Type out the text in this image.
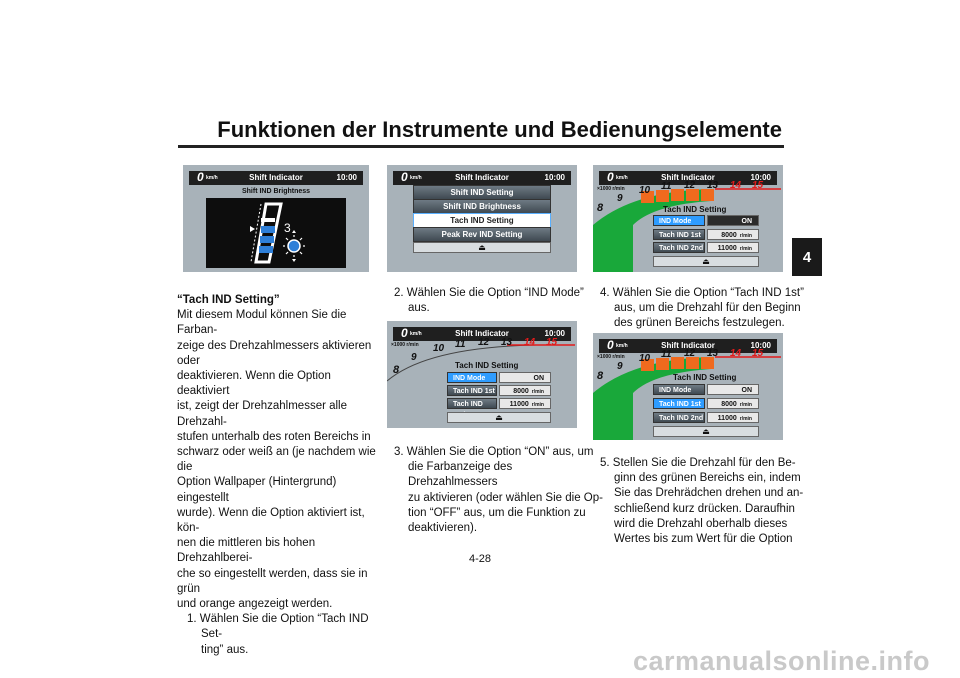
Funktionen der Instrumente und Bedienungselemente
4
0 km/h	Shift Indicator	10:00
Shift IND Brightness
3
0 km/h	Shift Indicator	10:00
Shift IND Setting
Shift IND Brightness
Tach IND Setting
Peak Rev IND Setting
⏏
0 km/h	Shift Indicator	10:00
×1000 r/min
8
9
10 11 12 13 14 15
Tach IND Setting
IND Mode	ON
Tach IND 1st	8000 r/min
Tach IND	11000 r/min
⏏
0 km/h	Shift Indicator	10:00
×1000 r/min
8
9
10 11 12 13 14 15
Tach IND Setting
IND Mode	ON
Tach IND 1st	8000 r/min
Tach IND 2nd	11000 r/min
⏏
0 km/h	Shift Indicator	10:00
×1000 r/min
8
9
10 11 12 13 14 15
Tach IND Setting
IND Mode	ON
Tach IND 1st	8000 r/min
Tach IND 2nd	11000 r/min
⏏
“Tach IND Setting”
Mit diesem Modul können Sie die Farban-
zeige des Drehzahlmessers aktivieren oder
deaktivieren. Wenn die Option deaktiviert
ist, zeigt der Drehzahlmesser alle Drehzahl-
stufen unterhalb des roten Bereichs in
schwarz oder weiß an (je nachdem wie die
Option Wallpaper (Hintergrund) eingestellt
wurde). Wenn die Option aktiviert ist, kön-
nen die mittleren bis hohen Drehzahlberei-
che so eingestellt werden, dass sie in grün
und orange angezeigt werden.
1. Wählen Sie die Option “Tach IND Set-
ting” aus.
2. Wählen Sie die Option “IND Mode”
aus.
3. Wählen Sie die Option “ON” aus, um
die Farbanzeige des Drehzahlmessers
zu aktivieren (oder wählen Sie die Op-
tion “OFF” aus, um die Funktion zu
deaktivieren).
4. Wählen Sie die Option “Tach IND 1st”
aus, um die Drehzahl für den Beginn
des grünen Bereichs festzulegen.
5. Stellen Sie die Drehzahl für den Be-
ginn des grünen Bereichs ein, indem
Sie das Drehrädchen drehen und an-
schließend kurz drücken. Daraufhin
wird die Drehzahl oberhalb dieses
Wertes bis zum Wert für die Option
4-28
carmanualsonline.info
